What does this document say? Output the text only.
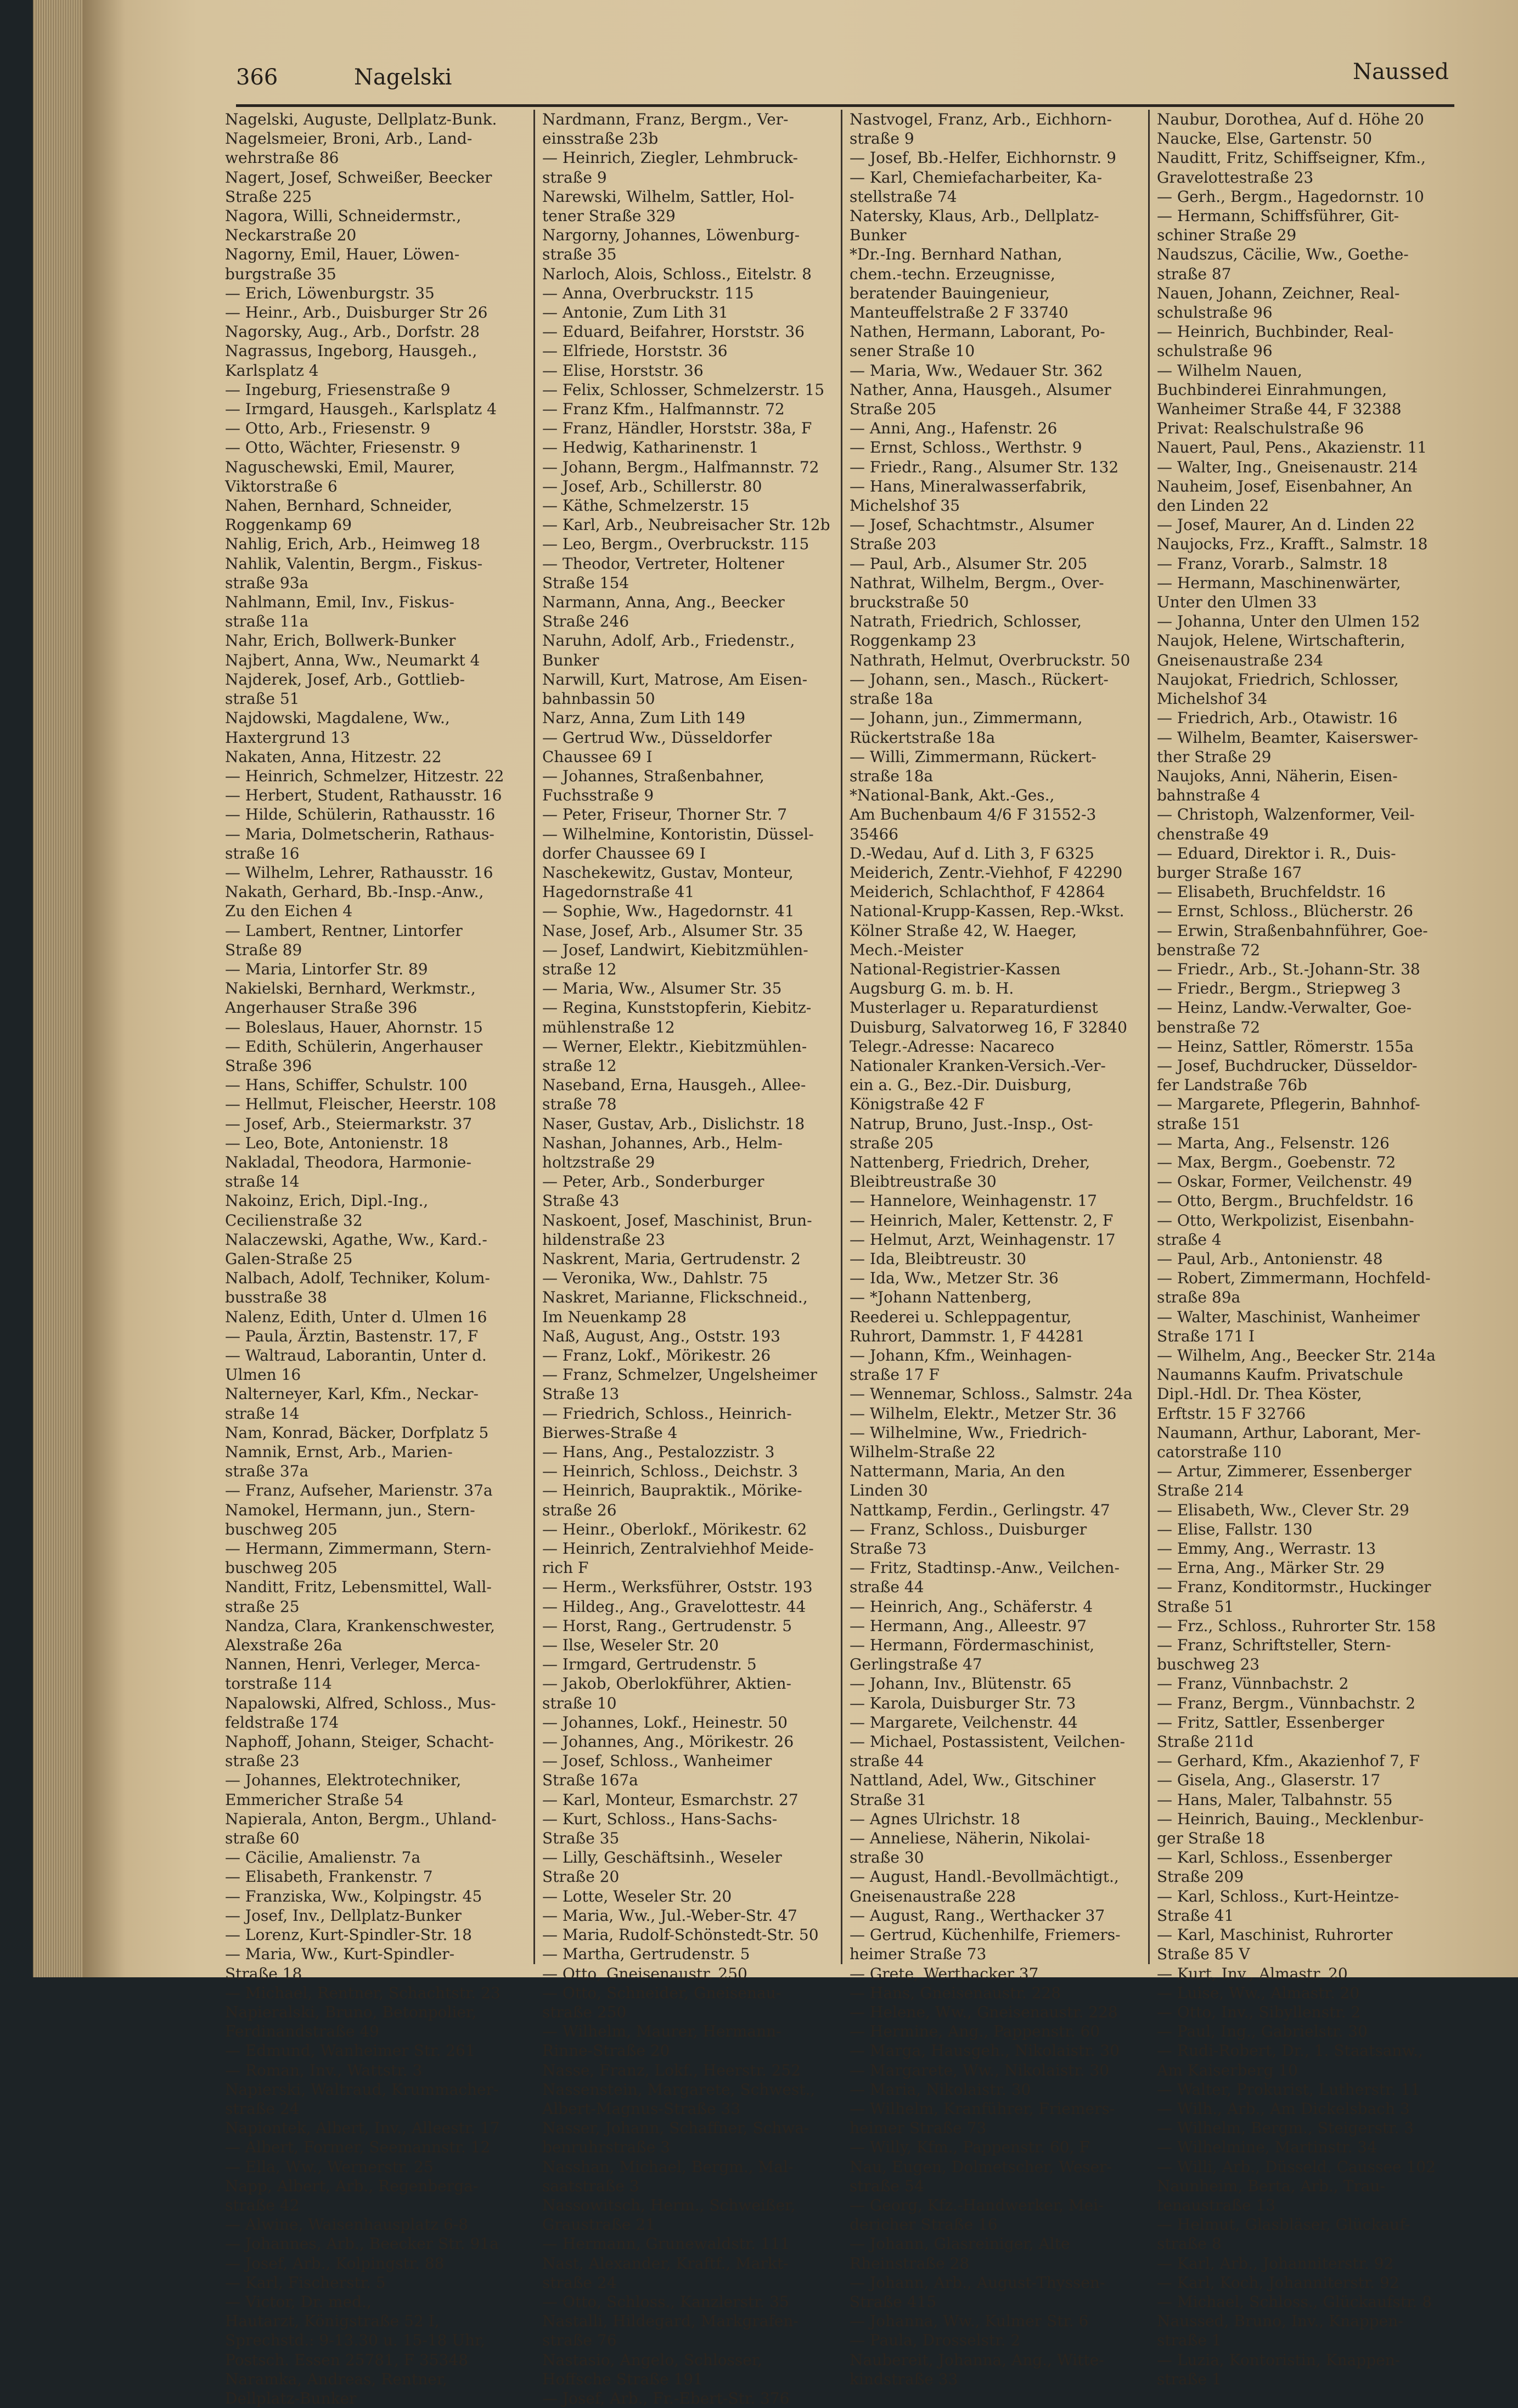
366	Nagelski	Naussed

Nagelski, Auguste, Dellplatz-Bunk.

Nagelsmeier, Broni, Arb., Land-

wehrstraße 86

Nagert, Josef, Schweißer, Beecker

Straße 225

Nagora, Willi, Schneidermstr.,

Neckarstraße 20

Nagorny, Emil, Hauer, Löwen-

burgstraße 35

— Erich, Löwenburgstr. 35

— Heinr., Arb., Duisburger Str 26

Nagorsky, Aug., Arb., Dorfstr. 28

Nagrassus, Ingeborg, Hausgeh.,

Karlsplatz 4

— Ingeburg, Friesenstraße 9

— Irmgard, Hausgeh., Karlsplatz 4

— Otto, Arb., Friesenstr. 9

— Otto, Wächter, Friesenstr. 9

Naguschewski, Emil, Maurer,

Viktorstraße 6

Nahen, Bernhard, Schneider,

Roggenkamp 69

Nahlig, Erich, Arb., Heimweg 18

Nahlik, Valentin, Bergm., Fiskus-

straße 93a

Nahlmann, Emil, Inv., Fiskus-

straße 11a

Nahr, Erich, Bollwerk-Bunker

Najbert, Anna, Ww., Neumarkt 4

Najderek, Josef, Arb., Gottlieb-

straße 51

Najdowski, Magdalene, Ww.,

Haxtergrund 13

Nakaten, Anna, Hitzestr. 22

— Heinrich, Schmelzer, Hitzestr. 22

— Herbert, Student, Rathausstr. 16

— Hilde, Schülerin, Rathausstr. 16

— Maria, Dolmetscherin, Rathaus-

straße 16

— Wilhelm, Lehrer, Rathausstr. 16

Nakath, Gerhard, Bb.-Insp.-Anw.,

Zu den Eichen 4

— Lambert, Rentner, Lintorfer

Straße 89

— Maria, Lintorfer Str. 89

Nakielski, Bernhard, Werkmstr.,

Angerhauser Straße 396

— Boleslaus, Hauer, Ahornstr. 15

— Edith, Schülerin, Angerhauser

Straße 396

— Hans, Schiffer, Schulstr. 100

— Hellmut, Fleischer, Heerstr. 108

— Josef, Arb., Steiermarkstr. 37

— Leo, Bote, Antonienstr. 18

Nakladal, Theodora, Harmonie-

straße 14

Nakoinz, Erich, Dipl.-Ing.,

Cecilienstraße 32

Nalaczewski, Agathe, Ww., Kard.-

Galen-Straße 25

Nalbach, Adolf, Techniker, Kolum-

busstraße 38

Nalenz, Edith, Unter d. Ulmen 16

— Paula, Ärztin, Bastenstr. 17, F

— Waltraud, Laborantin, Unter d.

Ulmen 16

Nalterneyer, Karl, Kfm., Neckar-

straße 14

Nam, Konrad, Bäcker, Dorfplatz 5

Namnik, Ernst, Arb., Marien-

straße 37a

— Franz, Aufseher, Marienstr. 37a

Namokel, Hermann, jun., Stern-

buschweg 205

— Hermann, Zimmermann, Stern-

buschweg 205

Nanditt, Fritz, Lebensmittel, Wall-

straße 25

Nandza, Clara, Krankenschwester,

Alexstraße 26a

Nannen, Henri, Verleger, Merca-

torstraße 114

Napalowski, Alfred, Schloss., Mus-

feldstraße 174

Naphoff, Johann, Steiger, Schacht-

straße 23

— Johannes, Elektrotechniker,

Emmericher Straße 54

Napierala, Anton, Bergm., Uhland-

straße 60

— Cäcilie, Amalienstr. 7a

— Elisabeth, Frankenstr. 7

— Franziska, Ww., Kolpingstr. 45

— Josef, Inv., Dellplatz-Bunker

— Lorenz, Kurt-Spindler-Str. 18

— Maria, Ww., Kurt-Spindler-

Straße 18

— Michael, Rentner, Schachtstr. 23

Napieralski, Bruno, Betonpolier,

Ferdinandstraße 49

— Edmund, Wanheimer Str. 261

— Roman, Inv., Wattstr. 3

Napierski, Waltraud, Krummacher-

straße 24

Napiontek, Albert, Inv., Alleestr. 17

— Albert, Former, Seemannstr. 12

— Ella, Ww., Wernerstr. 25

Napp, Albert, Arb., Regenberga-

straße 42

— Alwine, Waisenhausplatz 6-8

— Johannes, Arb., Beecker Str. 91a

— Josef, Arb., Kolpingstr. 88

— Karl, Fischerstr. 5

— Victor, Dr. med.,

Hautarzt, Königstraße 52 I,

Sprechstd.: 9-13.30 u. 15-18 Uhr,

Postsch. Essen 25781, F 35348

Naramka, Andreas, Rentner,

Dellplatz-Bunker

Nardmann, Franz, Bergm., Ver-

einsstraße 23b

— Heinrich, Ziegler, Lehmbruck-

straße 9

Narewski, Wilhelm, Sattler, Hol-

tener Straße 329

Nargorny, Johannes, Löwenburg-

straße 35

Narloch, Alois, Schloss., Eitelstr. 8

— Anna, Overbruckstr. 115

— Antonie, Zum Lith 31

— Eduard, Beifahrer, Horststr. 36

— Elfriede, Horststr. 36

— Elise, Horststr. 36

— Felix, Schlosser, Schmelzerstr. 15

— Franz Kfm., Halfmannstr. 72

— Franz, Händler, Horststr. 38a, F

— Hedwig, Katharinenstr. 1

— Johann, Bergm., Halfmannstr. 72

— Josef, Arb., Schillerstr. 80

— Käthe, Schmelzerstr. 15

— Karl, Arb., Neubreisacher Str. 12b

— Leo, Bergm., Overbruckstr. 115

— Theodor, Vertreter, Holtener

Straße 154

Narmann, Anna, Ang., Beecker

Straße 246

Naruhn, Adolf, Arb., Friedenstr.,

Bunker

Narwill, Kurt, Matrose, Am Eisen-

bahnbassin 50

Narz, Anna, Zum Lith 149

— Gertrud Ww., Düsseldorfer

Chaussee 69 I

— Johannes, Straßenbahner,

Fuchsstraße 9

— Peter, Friseur, Thorner Str. 7

— Wilhelmine, Kontoristin, Düssel-

dorfer Chaussee 69 I

Naschekewitz, Gustav, Monteur,

Hagedornstraße 41

— Sophie, Ww., Hagedornstr. 41

Nase, Josef, Arb., Alsumer Str. 35

— Josef, Landwirt, Kiebitzmühlen-

straße 12

— Maria, Ww., Alsumer Str. 35

— Regina, Kunststopferin, Kiebitz-

mühlenstraße 12

— Werner, Elektr., Kiebitzmühlen-

straße 12

Naseband, Erna, Hausgeh., Allee-

straße 78

Naser, Gustav, Arb., Dislichstr. 18

Nashan, Johannes, Arb., Helm-

holtzstraße 29

— Peter, Arb., Sonderburger

Straße 43

Naskoent, Josef, Maschinist, Brun-

hildenstraße 23

Naskrent, Maria, Gertrudenstr. 2

— Veronika, Ww., Dahlstr. 75

Naskret, Marianne, Flickschneid.,

Im Neuenkamp 28

Naß, August, Ang., Oststr. 193

— Franz, Lokf., Mörikestr. 26

— Franz, Schmelzer, Ungelsheimer

Straße 13

— Friedrich, Schloss., Heinrich-

Bierwes-Straße 4

— Hans, Ang., Pestalozzistr. 3

— Heinrich, Schloss., Deichstr. 3

— Heinrich, Baupraktik., Mörike-

straße 26

— Heinr., Oberlokf., Mörikestr. 62

— Heinrich, Zentralviehhof Meide-

rich F

— Herm., Werksführer, Oststr. 193

— Hildeg., Ang., Gravelottestr. 44

— Horst, Rang., Gertrudenstr. 5

— Ilse, Weseler Str. 20

— Irmgard, Gertrudenstr. 5

— Jakob, Oberlokführer, Aktien-

straße 10

— Johannes, Lokf., Heinestr. 50

— Johannes, Ang., Mörikestr. 26

— Josef, Schloss., Wanheimer

Straße 167a

— Karl, Monteur, Esmarchstr. 27

— Kurt, Schloss., Hans-Sachs-

Straße 35

— Lilly, Geschäftsinh., Weseler

Straße 20

— Lotte, Weseler Str. 20

— Maria, Ww., Jul.-Weber-Str. 47

— Maria, Rudolf-Schönstedt-Str. 50

— Martha, Gertrudenstr. 5

— Otto, Gneisenaustr. 250

— Otto, Schneider, Gneisenau-

straße 250

— Wilhelm, Maurer, Hermann-

Rinne-Straße 20

Nasse, Franz, Lokf., Heerstr. 252

Nassenstein, Margarete, Schwest.,

Albert-Magnus-Straße 33

Nasser, Johann, Schaffner, Schwa-

benruhrstraße 3

Nasshan, Michael, Bergm., Mal-

saatstraße 3

Nassowitsch, Herm., Schweißer,

Graustraße 21

— Hermann, Grunewaldstr. 111

Nast, Alexander, Kraftf., Markt-

straße 24

— Otto, Schloss., Kanzlerstr. 35

Nastalli, Hildegard, Markgrafen-

straße 76

Nastasio, Angelo, Schlosser,

Hoffsche Straße 191

— Josef, Arb., Fr.-Ebert-Str. 376

Nastvogel, Franz, Arb., Eichhorn-

straße 9

— Josef, Bb.-Helfer, Eichhornstr. 9

— Karl, Chemiefacharbeiter, Ka-

stellstraße 74

Natersky, Klaus, Arb., Dellplatz-

Bunker

*Dr.-Ing. Bernhard Nathan,

chem.-techn. Erzeugnisse,

beratender Bauingenieur,

Manteuffelstraße 2 F 33740

Nathen, Hermann, Laborant, Po-

sener Straße 10

— Maria, Ww., Wedauer Str. 362

Nather, Anna, Hausgeh., Alsumer

Straße 205

— Anni, Ang., Hafenstr. 26

— Ernst, Schloss., Werthstr. 9

— Friedr., Rang., Alsumer Str. 132

— Hans, Mineralwasserfabrik,

Michelshof 35

— Josef, Schachtmstr., Alsumer

Straße 203

— Paul, Arb., Alsumer Str. 205

Nathrat, Wilhelm, Bergm., Over-

bruckstraße 50

Natrath, Friedrich, Schlosser,

Roggenkamp 23

Nathrath, Helmut, Overbruckstr. 50

— Johann, sen., Masch., Rückert-

straße 18a

— Johann, jun., Zimmermann,

Rückertstraße 18a

— Willi, Zimmermann, Rückert-

straße 18a

*National-Bank, Akt.-Ges.,

Am Buchenbaum 4/6 F 31552-3

35466

D.-Wedau, Auf d. Lith 3, F 6325

Meiderich, Zentr.-Viehhof, F 42290

Meiderich, Schlachthof, F 42864

National-Krupp-Kassen, Rep.-Wkst.

Kölner Straße 42, W. Haeger,

Mech.-Meister

National-Registrier-Kassen

Augsburg G. m. b. H.

Musterlager u. Reparaturdienst

Duisburg, Salvatorweg 16, F 32840

Telegr.-Adresse: Nacareco

Nationaler Kranken-Versich.-Ver-

ein a. G., Bez.-Dir. Duisburg,

Königstraße 42 F

Natrup, Bruno, Just.-Insp., Ost-

straße 205

Nattenberg, Friedrich, Dreher,

Bleibtreustraße 30

— Hannelore, Weinhagenstr. 17

— Heinrich, Maler, Kettenstr. 2, F

— Helmut, Arzt, Weinhagenstr. 17

— Ida, Bleibtreustr. 30

— Ida, Ww., Metzer Str. 36

— *Johann Nattenberg,

Reederei u. Schleppagentur,

Ruhrort, Dammstr. 1, F 44281

— Johann, Kfm., Weinhagen-

straße 17 F

— Wennemar, Schloss., Salmstr. 24a

— Wilhelm, Elektr., Metzer Str. 36

— Wilhelmine, Ww., Friedrich-

Wilhelm-Straße 22

Nattermann, Maria, An den

Linden 30

Nattkamp, Ferdin., Gerlingstr. 47

— Franz, Schloss., Duisburger

Straße 73

— Fritz, Stadtinsp.-Anw., Veilchen-

straße 44

— Heinrich, Ang., Schäferstr. 4

— Hermann, Ang., Alleestr. 97

— Hermann, Fördermaschinist,

Gerlingstraße 47

— Johann, Inv., Blütenstr. 65

— Karola, Duisburger Str. 73

— Margarete, Veilchenstr. 44

— Michael, Postassistent, Veilchen-

straße 44

Nattland, Adel, Ww., Gitschiner

Straße 31

— Agnes Ulrichstr. 18

— Anneliese, Näherin, Nikolai-

straße 30

— August, Handl.-Bevollmächtigt.,

Gneisenaustraße 228

— August, Rang., Werthacker 37

— Gertrud, Küchenhilfe, Friemers-

heimer Straße 73

— Grete, Werthacker 37

— Hans, Gneisenaustr. 228

— Helene, Ww., Gneisenaustr. 228

— Hermine, Ang., Pappenstr. 60

— Marga, Hausgeh., Nikolaistr. 30

— Margarete, Ww., Nikolaistr. 30

— Maria, Nikolaistr. 30

— Wilhelm, Kranführer, Friemers-

heimer Straße 73

— Willy, Kfm., Pappenstr. 60, F

Nau, Eugen, Dolmetscher, Weser-

straße 54

— Georg, Kfz.-Handwerker, Mei-

dericher Straße 16

— Johann, Glasreiniger, Alte

Rheinstraße 28

— Johann, Arb., August-Thyssen-

Straße 415

— Johanna, Ww., Kulmer Str. 6

— Paula, Drosselstr. 2

Naubereit, Johanna, Ang., Witte-

kindstraße 33

Naubur, Dorothea, Auf d. Höhe 20

Naucke, Else, Gartenstr. 50

Nauditt, Fritz, Schiffseigner, Kfm.,

Gravelottestraße 23

— Gerh., Bergm., Hagedornstr. 10

— Hermann, Schiffsführer, Git-

schiner Straße 29

Naudszus, Cäcilie, Ww., Goethe-

straße 87

Nauen, Johann, Zeichner, Real-

schulstraße 96

— Heinrich, Buchbinder, Real-

schulstraße 96

— Wilhelm Nauen,

Buchbinderei Einrahmungen,

Wanheimer Straße 44, F 32388

Privat: Realschulstraße 96

Nauert, Paul, Pens., Akazienstr. 11

— Walter, Ing., Gneisenaustr. 214

Nauheim, Josef, Eisenbahner, An

den Linden 22

— Josef, Maurer, An d. Linden 22

Naujocks, Frz., Krafft., Salmstr. 18

— Franz, Vorarb., Salmstr. 18

— Hermann, Maschinenwärter,

Unter den Ulmen 33

— Johanna, Unter den Ulmen 152

Naujok, Helene, Wirtschafterin,

Gneisenaustraße 234

Naujokat, Friedrich, Schlosser,

Michelshof 34

— Friedrich, Arb., Otawistr. 16

— Wilhelm, Beamter, Kaiserswer-

ther Straße 29

Naujoks, Anni, Näherin, Eisen-

bahnstraße 4

— Christoph, Walzenformer, Veil-

chenstraße 49

— Eduard, Direktor i. R., Duis-

burger Straße 167

— Elisabeth, Bruchfeldstr. 16

— Ernst, Schloss., Blücherstr. 26

— Erwin, Straßenbahnführer, Goe-

benstraße 72

— Friedr., Arb., St.-Johann-Str. 38

— Friedr., Bergm., Striepweg 3

— Heinz, Landw.-Verwalter, Goe-

benstraße 72

— Heinz, Sattler, Römerstr. 155a

— Josef, Buchdrucker, Düsseldor-

fer Landstraße 76b

— Margarete, Pflegerin, Bahnhof-

straße 151

— Marta, Ang., Felsenstr. 126

— Max, Bergm., Goebenstr. 72

— Oskar, Former, Veilchenstr. 49

— Otto, Bergm., Bruchfeldstr. 16

— Otto, Werkpolizist, Eisenbahn-

straße 4

— Paul, Arb., Antonienstr. 48

— Robert, Zimmermann, Hochfeld-

straße 89a

— Walter, Maschinist, Wanheimer

Straße 171 I

— Wilhelm, Ang., Beecker Str. 214a

Naumanns Kaufm. Privatschule

Dipl.-Hdl. Dr. Thea Köster,

Erftstr. 15 F 32766

Naumann, Arthur, Laborant, Mer-

catorstraße 110

— Artur, Zimmerer, Essenberger

Straße 214

— Elisabeth, Ww., Clever Str. 29

— Elise, Fallstr. 130

— Emmy, Ang., Werrastr. 13

— Erna, Ang., Märker Str. 29

— Franz, Konditormstr., Huckinger

Straße 51

— Frz., Schloss., Ruhrorter Str. 158

— Franz, Schriftsteller, Stern-

buschweg 23

— Franz, Vünnbachstr. 2

— Franz, Bergm., Vünnbachstr. 2

— Fritz, Sattler, Essenberger

Straße 211d

— Gerhard, Kfm., Akazienhof 7, F

— Gisela, Ang., Glaserstr. 17

— Hans, Maler, Talbahnstr. 55

— Heinrich, Bauing., Mecklenbur-

ger Straße 18

— Karl, Schloss., Essenberger

Straße 209

— Karl, Schloss., Kurt-Heintze-

Straße 41

— Karl, Maschinist, Ruhrorter

Straße 85 V

— Kurt, Inv., Almastr. 20

— Luise, Ww., Almastr. 20

— Otto, Inv., Sibyllenstr. 2

— Paul, Ing., Gabrielstr. 30

— Rudi-Robert, Dr., 1. Staatsanw.,

Am Kaiserberg 10

— Walter, Prokurist, Lutherstr. 11

— Wilh., Arb., Am Dickelsbach 3

— Wilhelm, Bergm., Steigerstr. 3

— Wilhelmine, Martinstr. 34

— Willi, Arb., Düsseld. Caussee 102

Naunheim, Berta, Arb., Trau-

tenaustraße 13

— Helmut, Glasbläser, Glückauf-

straße 8

— Karl, Arb., Johanniterstr. 92

— Karl, Koch, Johanniterstr. 92

— Michael, Schloss., Glückaufstr. 8

Naussed, Bruno, Inv., Knappen-

straße 1

— Luzia, Kontoristin, Knappen-

straße 1
